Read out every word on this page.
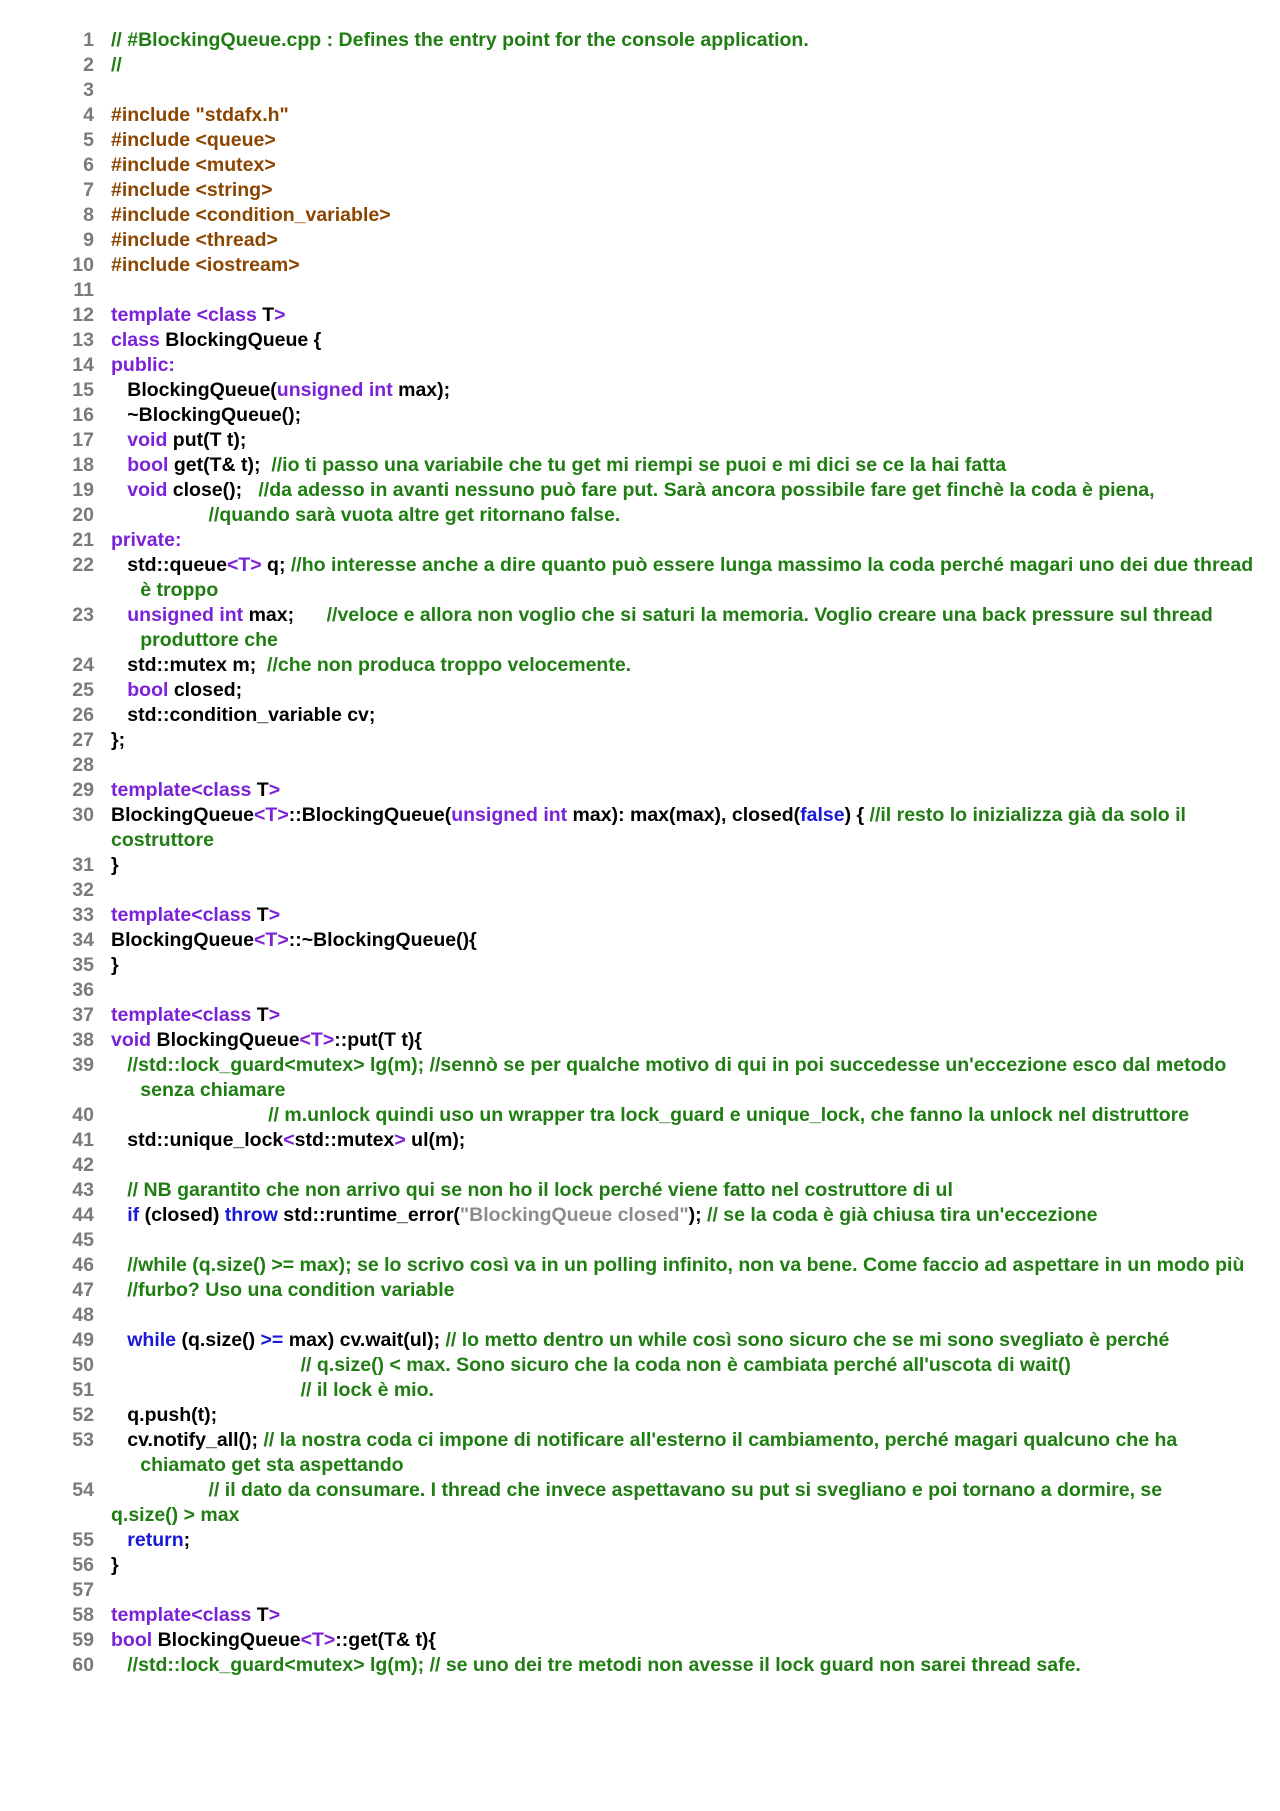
1 // #BlockingQueue.cpp : Defines the entry point for the console application.
2 //
3

4 #include "stdafx.h"
5 #include <queue>
6 #include <mutex>
7 #include <string>
8 #include <condition_variable>
9 #include <thread>
10 #include <iostream>
11

12 template <class T>
13 class BlockingQueue {
14 public:
15 BlockingQueue(unsigned int max);
16 ~BlockingQueue();
17	void put(T t);
18	bool get(T& t);  //io ti passo una variabile che tu get mi riempi se puoi e mi dici se ce la hai fatta
19	void close();   //da adesso in avanti nessuno può fare put. Sarà ancora possibile fare get finchè la coda è piena,
20 //quando sarà vuota altre get ritornano false.
21 private:
22 std::queue<T> q; //ho interesse anche a dire quanto può essere lunga massimo la coda perché magari uno dei due thread è troppo
23	unsigned int max;      //veloce e allora non voglio che si saturi la memoria. Voglio creare una back pressure sul thread produttore che
24 std::mutex m;  //che non produca troppo velocemente.
25	bool closed;
26 std::condition_variable cv;
27 };
28

29 template<class T>
30 BlockingQueue<T>::BlockingQueue(unsigned int max): max(max), closed(false) { //il resto lo inizializza già da solo il costruttore
31 }
32

33 template<class T>
34 BlockingQueue<T>::~BlockingQueue(){
35 }
36

37 template<class T>
38 void BlockingQueue<T>::put(T t){
39	//std::lock_guard<mutex> lg(m); //sennò se per qualche motivo di qui in poi succedesse un'eccezione esco dal metodo senza chiamare
40 // m.unlock quindi uso un wrapper tra lock_guard e unique_lock, che fanno la unlock nel distruttore
41 std::unique_lock<std::mutex> ul(m);
42

43	// NB garantito che non arrivo qui se non ho il lock perché viene fatto nel costruttore di ul
44	if (closed) throw std::runtime_error("BlockingQueue closed"); // se la coda è già chiusa tira un'eccezione
45

46	//while (q.size() >= max); se lo scrivo così va in un polling infinito, non va bene. Come faccio ad aspettare in un modo più
47	//furbo? Uso una condition variable
48

49	while (q.size() >= max) cv.wait(ul); // lo metto dentro un while così sono sicuro che se mi sono svegliato è perché
50 // q.size() < max. Sono sicuro che la coda non è cambiata perché all'uscota di wait()
51 // il lock è mio.
52 q.push(t);
53 cv.notify_all(); // la nostra coda ci impone di notificare all'esterno il cambiamento, perché magari qualcuno che ha chiamato get sta aspettando
54 // il dato da consumare. I thread che invece aspettavano su put si svegliano e poi tornano a dormire, se q.size() > max
55	return;
56 }
57

58 template<class T>
59 bool BlockingQueue<T>::get(T& t){
60	//std::lock_guard<mutex> lg(m); // se uno dei tre metodi non avesse il lock guard non sarei thread safe.
